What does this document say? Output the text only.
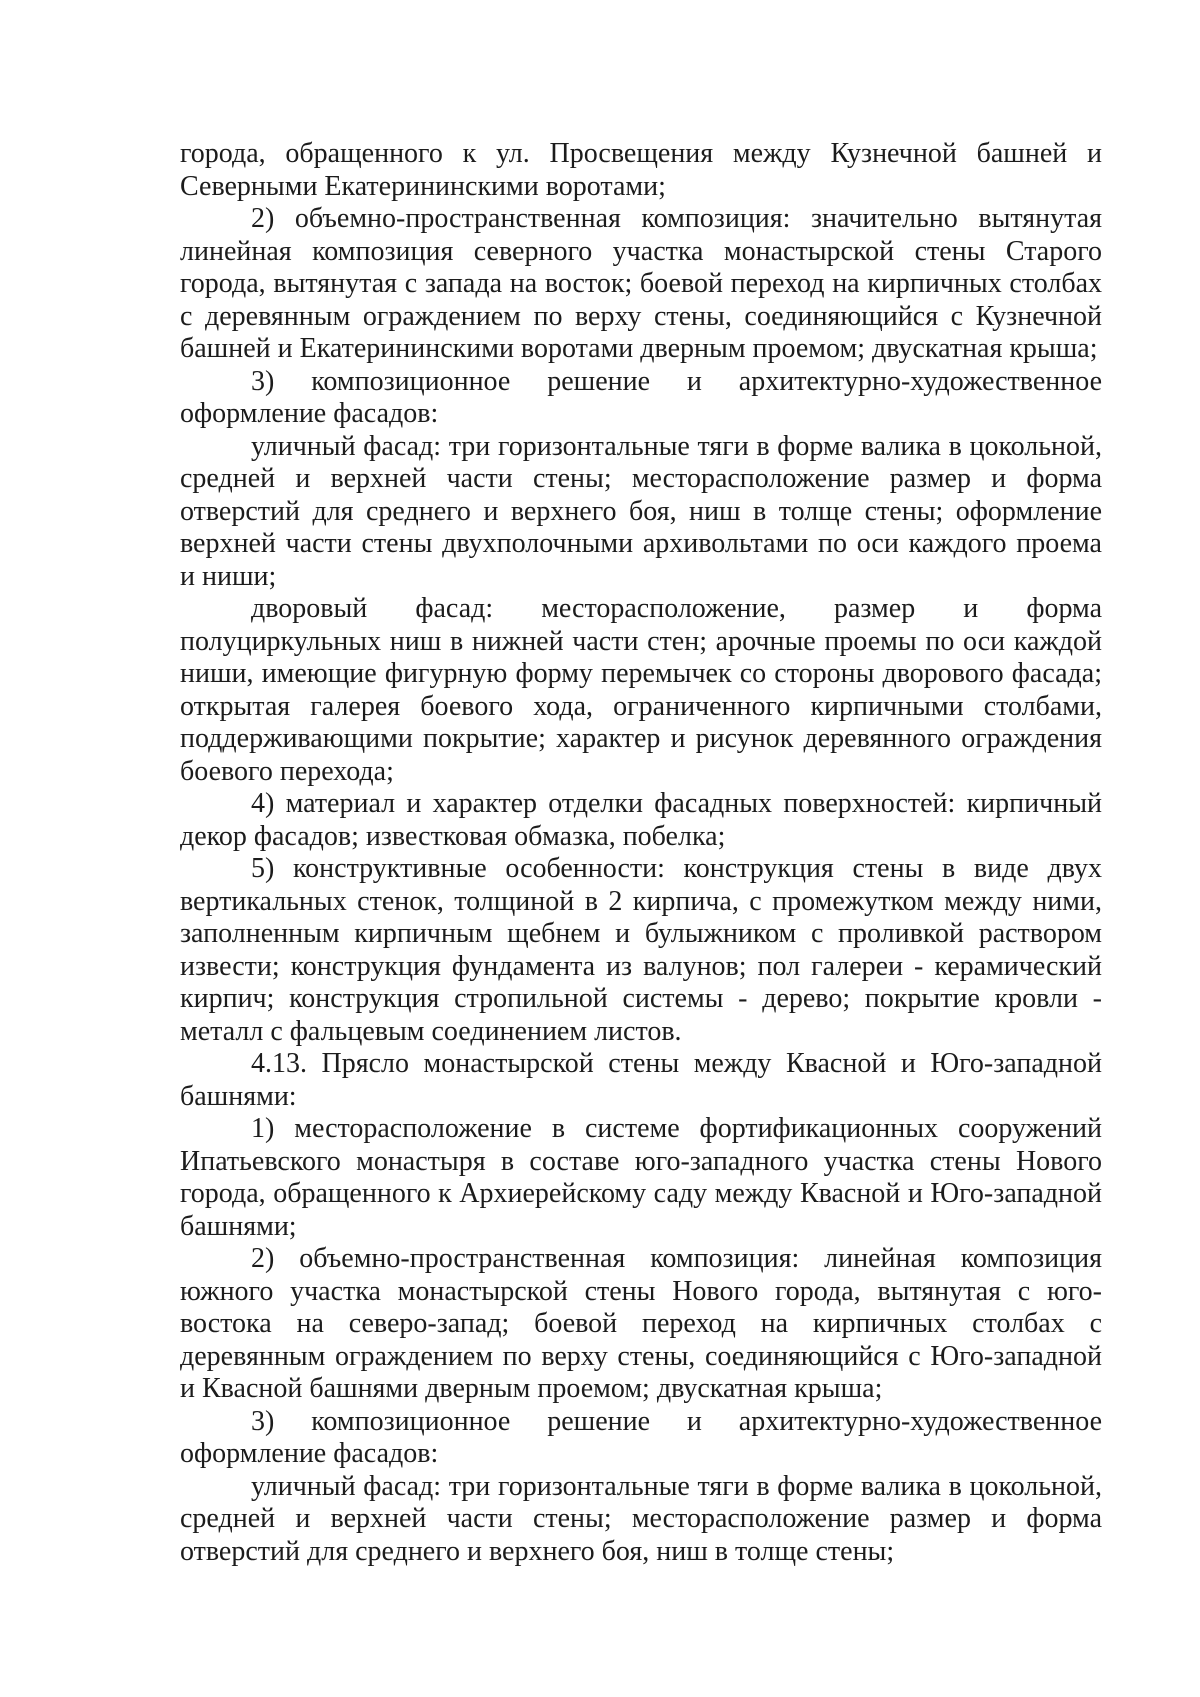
города, обращенного к ул. Просвещения между Кузнечной башней и Северными Екатерининскими воротами;

2) объемно-пространственная композиция: значительно вытянутая линейная композиция северного участка монастырской стены Старого города, вытянутая с запада на восток; боевой переход на кирпичных столбах с деревянным ограждением по верху стены, соединяющийся с Кузнечной башней и Екатерининскими воротами дверным проемом; двускатная крыша;

3) композиционное решение и архитектурно-художественное оформление фасадов:

уличный фасад: три горизонтальные тяги в форме валика в цокольной, средней и верхней части стены; месторасположение размер и форма отверстий для среднего и верхнего боя, ниш в толще стены; оформление верхней части стены двухполочными архивольтами по оси каждого проема и ниши;

дворовый фасад: месторасположение, размер и форма полуциркульных ниш в нижней части стен; арочные проемы по оси каждой ниши, имеющие фигурную форму перемычек со стороны дворового фасада; открытая галерея боевого хода, ограниченного кирпичными столбами, поддерживающими покрытие; характер и рисунок деревянного ограждения боевого перехода;

4) материал и характер отделки фасадных поверхностей: кирпичный декор фасадов; известковая обмазка, побелка;

5) конструктивные особенности: конструкция стены в виде двух вертикальных стенок, толщиной в 2 кирпича, с промежутком между ними, заполненным кирпичным щебнем и булыжником с проливкой раствором извести; конструкция фундамента из валунов; пол галереи - керамический кирпич; конструкция стропильной системы - дерево; покрытие кровли - металл с фальцевым соединением листов.

4.13. Прясло монастырской стены между Квасной и Юго-западной башнями:

1) месторасположение в системе фортификационных сооружений Ипатьевского монастыря в составе юго-западного участка стены Нового города, обращенного к Архиерейскому саду между Квасной и Юго-западной башнями;

2) объемно-пространственная композиция: линейная композиция южного участка монастырской стены Нового города, вытянутая с юго-востока на северо-запад; боевой переход на кирпичных столбах с деревянным ограждением по верху стены, соединяющийся с Юго-западной и Квасной башнями дверным проемом; двускатная крыша;

3) композиционное решение и архитектурно-художественное оформление фасадов:

уличный фасад: три горизонтальные тяги в форме валика в цокольной, средней и верхней части стены; месторасположение размер и форма отверстий для среднего и верхнего боя, ниш в толще стены;
